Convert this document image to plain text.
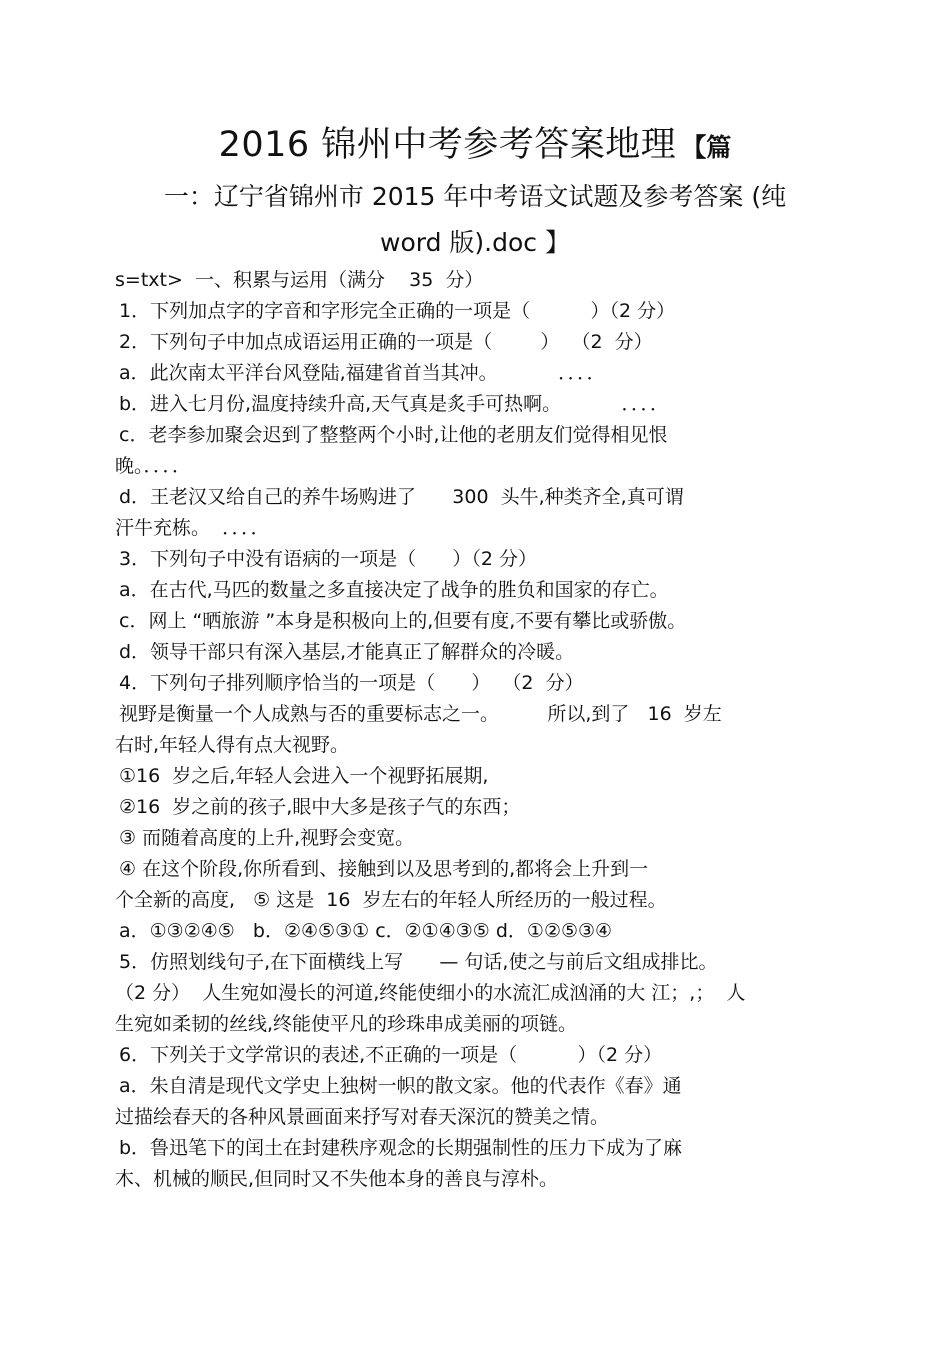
2016 锦州中考参考答案地理 【篇
一：辽宁省锦州市 2015 年中考语文试题及参考答案 (纯
word 版).doc 】
s=txt>  一、积累与运用（满分    35  分）
1．下列加点字的字音和字形完全正确的一项是（          ）（2 分）
2．下列句子中加点成语运用正确的一项是（        ）  （2  分）
a．此次南太平洋台风登陆,福建省首当其冲。          ．．．．
b．进入七月份,温度持续升高,天气真是炙手可热啊。          ．．．．
c．老李参加聚会迟到了整整两个小时,让他的老朋友们觉得相见恨
晚。．．．．
d．王老汉又给自己的养牛场购进了      300  头牛,种类齐全,真可谓
汗牛充栋。  ．．．．
3．下列句子中没有语病的一项是（      ）（2 分）
a．在古代,马匹的数量之多直接决定了战争的胜负和国家的存亡。
c．网上 “晒旅游 ”本身是积极向上的,但要有度,不要有攀比或骄傲。
d．领导干部只有深入基层,才能真正了解群众的冷暖。
4．下列句子排列顺序恰当的一项是（      ）  （2  分）
视野是衡量一个人成熟与否的重要标志之一。        所以,到了   16  岁左
右时,年轻人得有点大视野。
①16  岁之后,年轻人会进入一个视野拓展期,
②16  岁之前的孩子,眼中大多是孩子气的东西；
③ 而随着高度的上升,视野会变宽。
④ 在这个阶段,你所看到、接触到以及思考到的,都将会上升到一
个全新的高度,   ⑤ 这是  16  岁左右的年轻人所经历的一般过程。
a．①③②④⑤   b．②④⑤③① c．②①④③⑤ d．①②⑤③④
5．仿照划线句子,在下面横线上写      — 句话,使之与前后文组成排比。
（2 分）  人生宛如漫长的河道,终能使细小的水流汇成汹涌的大 江；,；  人
生宛如柔韧的丝线,终能使平凡的珍珠串成美丽的项链。
6．下列关于文学常识的表述,不正确的一项是（          ）（2 分）
a．朱自清是现代文学史上独树一帜的散文家。他的代表作《春》通
过描绘春天的各种风景画面来抒写对春天深沉的赞美之情。
b．鲁迅笔下的闰土在封建秩序观念的长期强制性的压力下成为了麻
木、机械的顺民,但同时又不失他本身的善良与淳朴。
